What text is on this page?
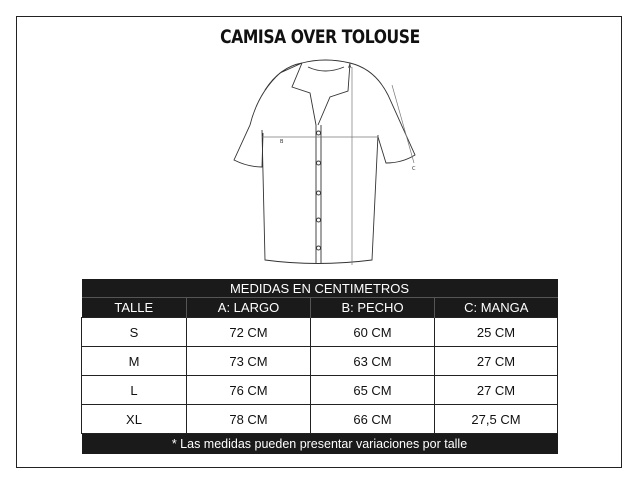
CAMISA OVER TOLOUSE
A
B
C
MEDIDAS EN CENTIMETROS			
TALLE	A: LARGO	B: PECHO	C: MANGA
S	72 CM	60 CM	25 CM
M	73 CM	63 CM	27 CM
L	76 CM	65 CM	27 CM
XL	78 CM	66 CM	27,5 CM
* Las medidas pueden presentar variaciones por talle			
